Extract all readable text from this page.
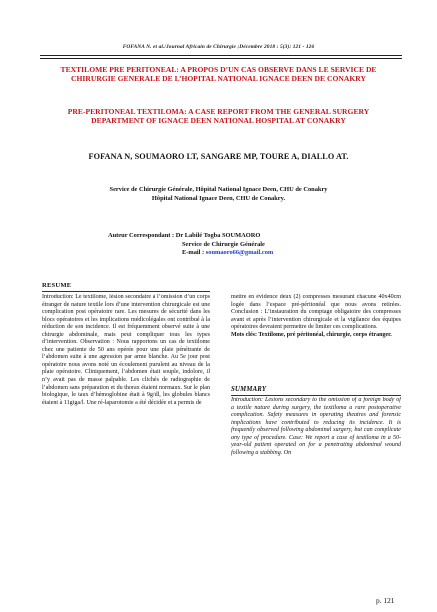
FOFANA N. et al./Journal Africain de Chirurgie ;Décembre 2018 : 5(3): 121 - 126
TEXTILOME PRE PERITONEAL: A PROPOS D’UN CAS OBSERVE DANS LE SERVICE DE CHIRURGIE GENERALE DE L’HOPITAL NATIONAL IGNACE DEEN DE CONAKRY
PRE-PERITONEAL TEXTILOMA: A CASE REPORT FROM THE GENERAL SURGERY DEPARTMENT OF IGNACE DEEN NATIONAL HOSPITAL AT CONAKRY
FOFANA N, SOUMAORO LT, SANGARE MP, TOURE A, DIALLO AT.
Service de Chirurgie Générale, Hôpital National Ignace Deen, CHU de Conakry
Hôpital National Ignace Deen, CHU de Conakry.
Auteur Correspondant : Dr Labilé Togba SOUMAORO
Service de Chirurgie Générale
E-mail : soumaoro66@gmail.com
RESUME
Introduction: Le textilome, lésion secondaire à l’omission d’un corps étranger de nature textile lors d’une intervention chirurgicale est une complication post opératoire rare. Les mesures de sécurité dans les blocs opératoires et les implications médicolégales ont contribué à la réduction de son incidence. Il est fréquemment observé suite à une chirurgie abdominale, mais peut compliquer tous les types d’intervention. Observation : Nous rapportons un cas de textilome chez une patiente de 50 ans opérée pour une plaie pénétrante de l’abdomen suite à une agression par arme blanche. Au 5e jour post opératoire nous avons noté un écoulement purulent au niveau de la plaie opératoire. Cliniquement, l’abdomen était souple, indolore, il n’y avait pas de masse palpable. Les clichés de radiographie de l’abdomen sans préparation et du thorax étaient normaux. Sur le plan biologique, le taux d’hémoglobine était à 9g/dl, les globules blancs étaient à 11giga/l. Une ré-laparotomie a été décidée et a permis de
mettre en évidence deux (2) compresses mesurant chacune 40x40cm logée dans l’espace pré-péritonéal que nous avons retirées. Conclusion : L’instauration du comptage obligatoire des compresses avant et après l’intervention chirurgicale et la vigilance des équipes opératoires devraient permettre de limiter ces complications.
Mots clés: Textilome, pré péritonéal, chirurgie, corps étranger.
SUMMARY
Introduction: Lesions secondary to the omission of a foreign body of a textile nature during surgery, the textiloma a rare postoperative complication. Safety measures in operating theatres and forensic implications have contributed to reducing its incidence. It is frequently observed following abdominal surgery, but can complicate any type of procedure. Case: We report a case of textiloma in a 50-year-old patient operated on for a penetrating abdominal wound following a stabbing. On
p. 121
